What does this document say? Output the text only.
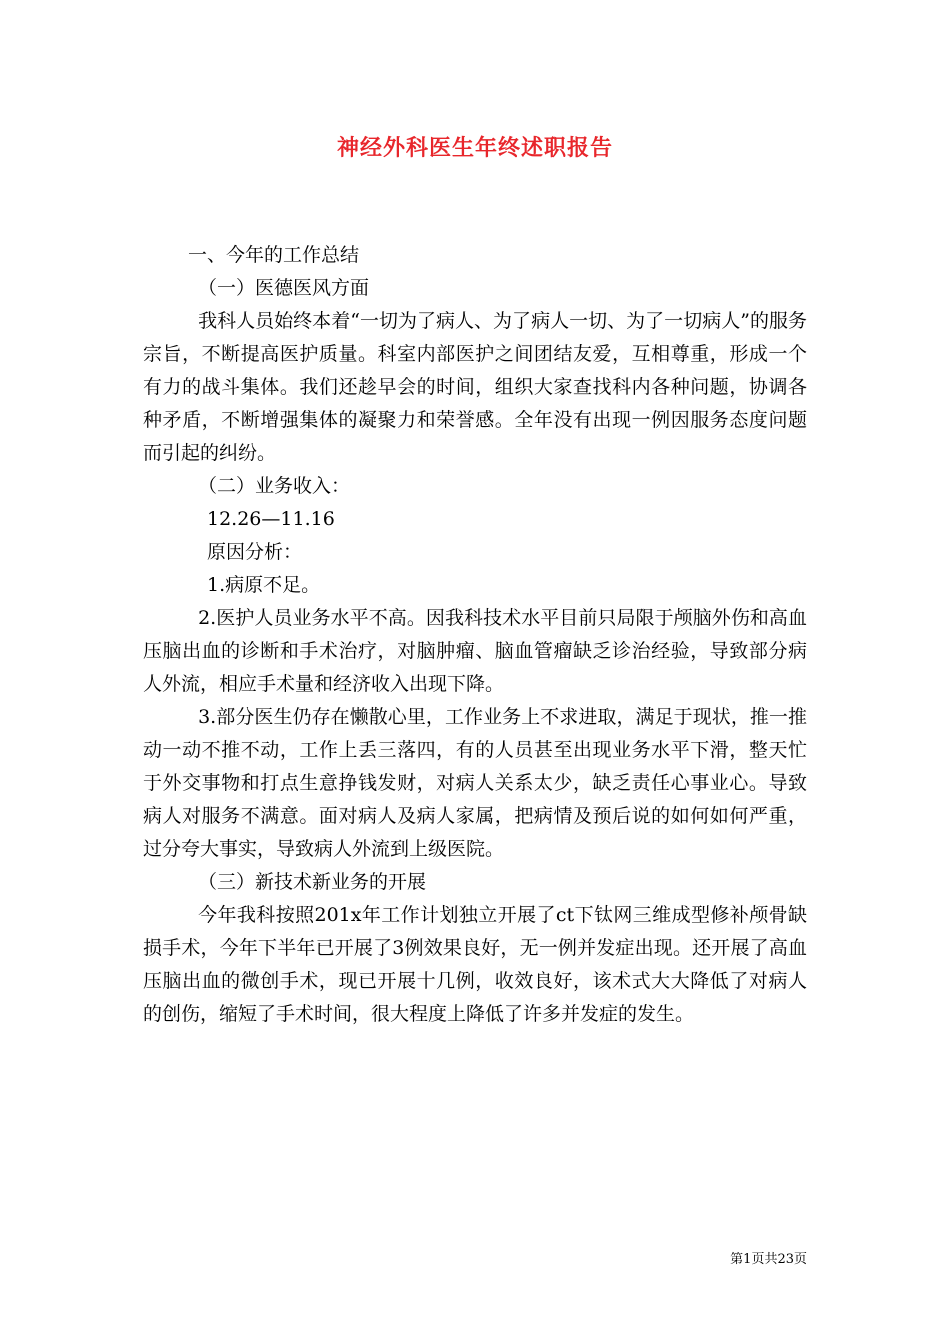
神经外科医生年终述职报告
一、今年的工作总结
（一）医德医风方面
我科人员始终本着“一切为了病人、为了病人一切、为了一切病人”的服务宗旨，不断提高医护质量。科室内部医护之间团结友爱，互相尊重，形成一个有力的战斗集体。我们还趁早会的时间，组织大家查找科内各种问题，协调各种矛盾，不断增强集体的凝聚力和荣誉感。全年没有出现一例因服务态度问题而引起的纠纷。
（二）业务收入：
12.26—11.16
原因分析：
1.病原不足。
2.医护人员业务水平不高。因我科技术水平目前只局限于颅脑外伤和高血压脑出血的诊断和手术治疗，对脑肿瘤、脑血管瘤缺乏诊治经验，导致部分病人外流，相应手术量和经济收入出现下降。
3.部分医生仍存在懒散心里，工作业务上不求进取，满足于现状，推一推动一动不推不动，工作上丢三落四，有的人员甚至出现业务水平下滑，整天忙于外交事物和打点生意挣钱发财，对病人关系太少，缺乏责任心事业心。导致病人对服务不满意。面对病人及病人家属，把病情及预后说的如何如何严重，过分夸大事实，导致病人外流到上级医院。
（三）新技术新业务的开展
今年我科按照201x年工作计划独立开展了ct下钛网三维成型修补颅骨缺损手术，今年下半年已开展了3例效果良好，无一例并发症出现。还开展了高血压脑出血的微创手术，现已开展十几例，收效良好，该术式大大降低了对病人的创伤，缩短了手术时间，很大程度上降低了许多并发症的发生。
第1页共23页
